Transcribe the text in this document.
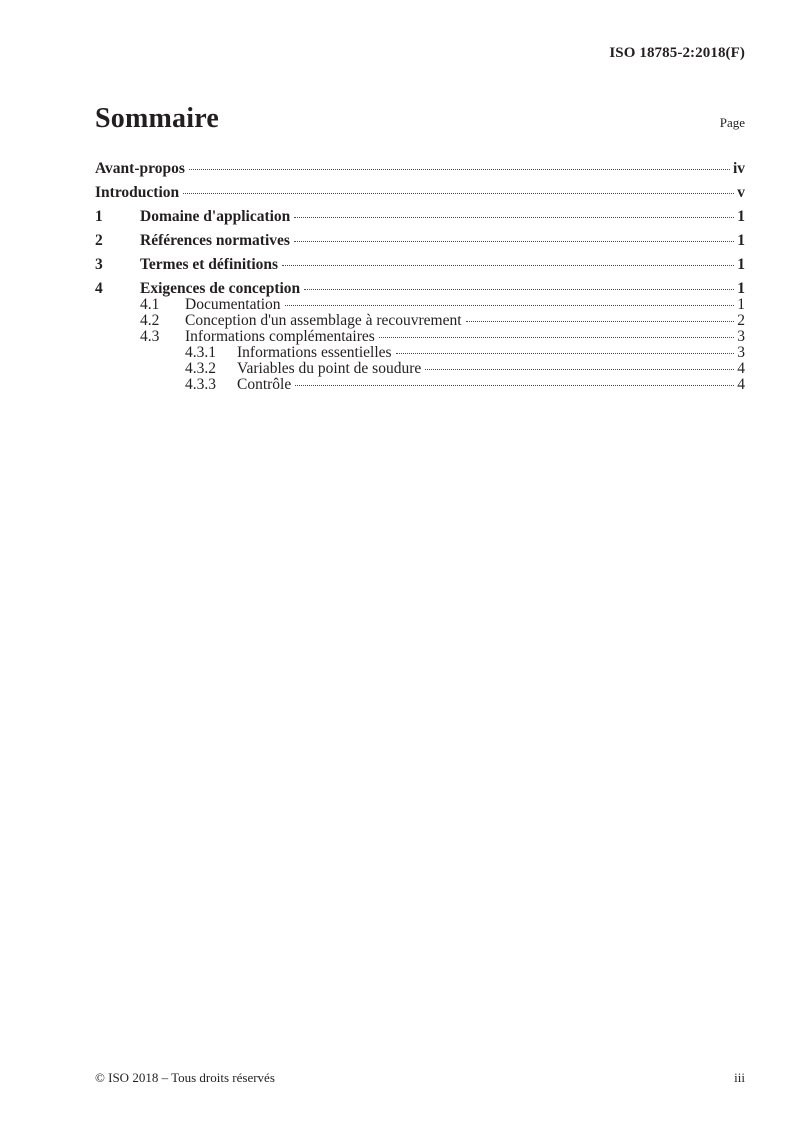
ISO 18785-2:2018(F)
Sommaire	Page
Avant-propos	iv
Introduction	v
1	Domaine d'application	1
2	Références normatives	1
3	Termes et définitions	1
4	Exigences de conception	1
4.1	Documentation	1
4.2	Conception d'un assemblage à recouvrement	2
4.3	Informations complémentaires	3
4.3.1	Informations essentielles	3
4.3.2	Variables du point de soudure	4
4.3.3	Contrôle	4
© ISO 2018 – Tous droits réservés	iii
